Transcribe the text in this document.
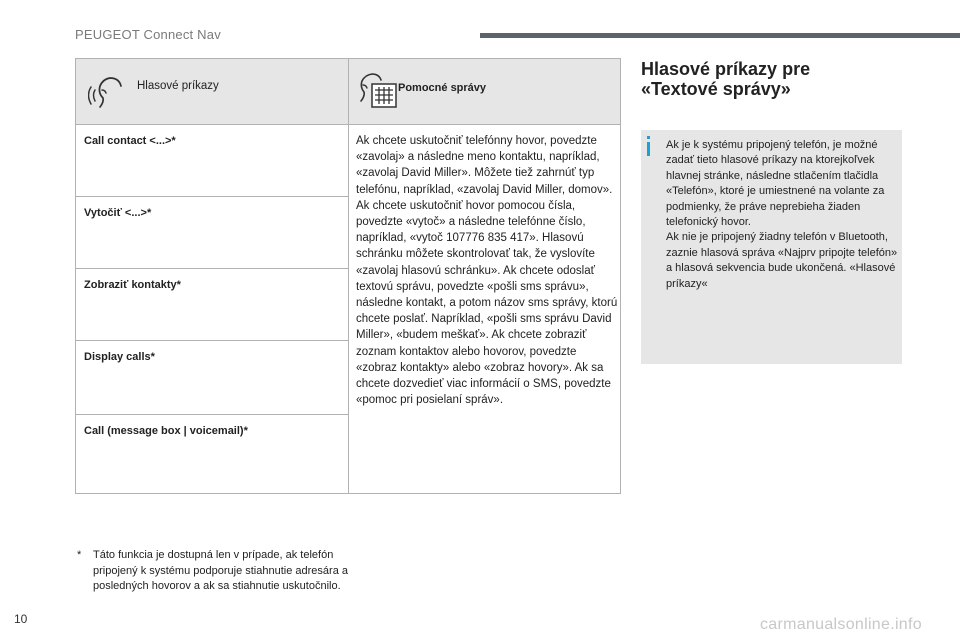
PEUGEOT Connect Nav
Hlasové príkazy	Pomocné správy
Call contact <...>*
Vytočiť <...>*
Zobraziť kontakty*
Display calls*
Call (message box | voicemail)*
Ak chcete uskutočniť telefónny hovor, povedzte «zavolaj» a následne meno kontaktu, napríklad, «zavolaj David Miller». Môžete tiež zahrnúť typ telefónu, napríklad, «zavolaj David Miller, domov». Ak chcete uskutočniť hovor pomocou čísla, povedzte «vytoč» a následne telefónne číslo, napríklad, «vytoč 107776 835 417». Hlasovú schránku môžete skontrolovať tak, že vyslovíte «zavolaj hlasovú schránku». Ak chcete odoslať textovú správu, povedzte «pošli sms správu», následne kontakt, a potom názov sms správy, ktorú chcete poslať. Napríklad, «pošli sms správu David Miller», «budem meškať». Ak chcete zobraziť zoznam kontaktov alebo hovorov, povedzte «zobraz kontakty» alebo «zobraz hovory». Ak sa chcete dozvedieť viac informácií o SMS, povedzte «pomoc pri posielaní správ».
Hlasové príkazy pre
«Textové správy»
Ak je k systému pripojený telefón, je možné zadať tieto hlasové príkazy na ktorejkoľvek hlavnej stránke, následne stlačením tlačidla «Telefón», ktoré je umiestnené na volante za podmienky, že práve neprebieha žiaden telefonický hovor.
Ak nie je pripojený žiadny telefón v Bluetooth, zaznie hlasová správa «Najprv pripojte telefón» a hlasová sekvencia bude ukončená. «Hlasové príkazy«
* Táto funkcia je dostupná len v prípade, ak telefón pripojený k systému podporuje stiahnutie adresára a posledných hovorov a ak sa stiahnutie uskutočnilo.
10	carmanualsonline.info
